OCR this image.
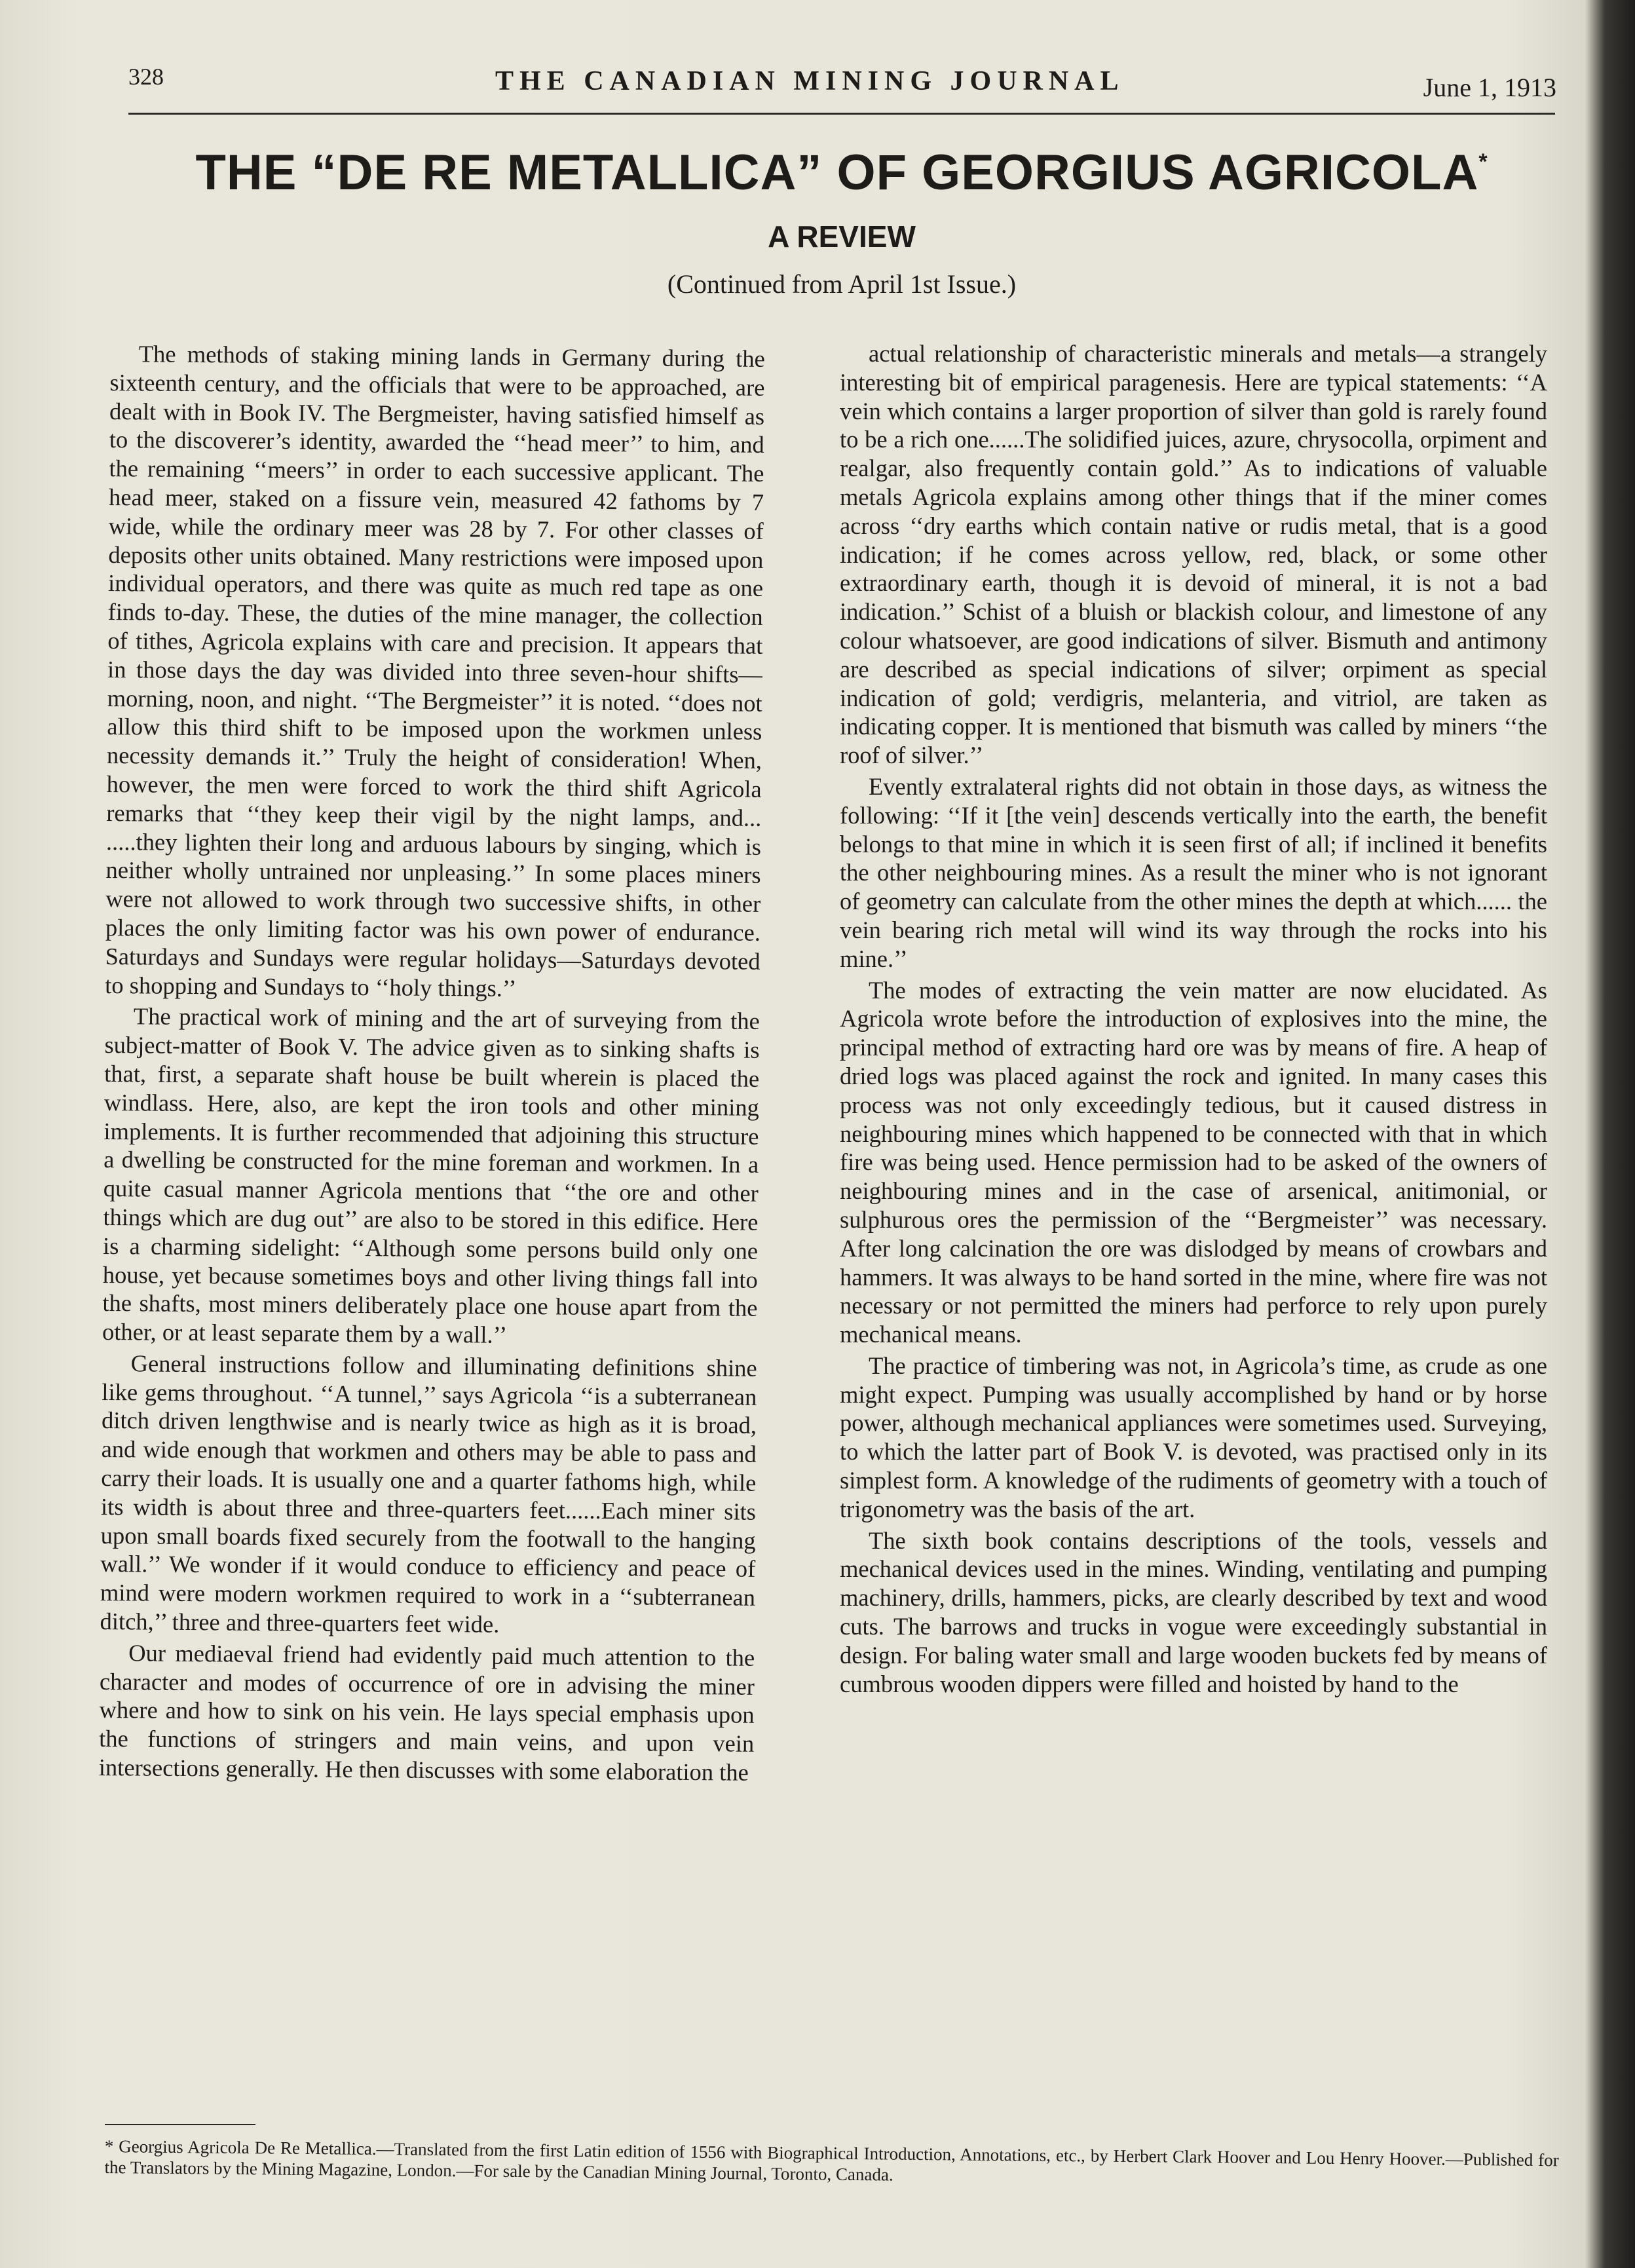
328	THE CANADIAN MINING JOURNAL	June 1, 1913
THE “DE RE METALLICA” OF GEORGIUS AGRICOLA*
A REVIEW
(Continued from April 1st Issue.)

The methods of staking mining lands in Germany during the sixteenth century, and the officials that were to be approached, are dealt with in Book IV. The Bergmeister, having satisfied himself as to the discoverer’s identity, awarded the ‘‘head meer’’ to him, and the remaining ‘‘meers’’ in order to each successive applicant. The head meer, staked on a fissure vein, measured 42 fathoms by 7 wide, while the ordinary meer was 28 by 7. For other classes of deposits other units obtained. Many restrictions were imposed upon individual operators, and there was quite as much red tape as one finds to-day. These, the duties of the mine manager, the collection of tithes, Agricola explains with care and precision. It appears that in those days the day was divided into three seven-hour shifts—morning, noon, and night. ‘‘The Bergmeister’’ it is noted. ‘‘does not allow this third shift to be imposed upon the workmen unless necessity demands it.’’ Truly the height of consideration! When, however, the men were forced to work the third shift Agricola remarks that ‘‘they keep their vigil by the night lamps, and... .....they lighten their long and arduous labours by singing, which is neither wholly untrained nor unpleasing.’’ In some places miners were not allowed to work through two successive shifts, in other places the only limiting factor was his own power of endurance. Saturdays and Sundays were regular holidays—Saturdays devoted to shopping and Sundays to ‘‘holy things.’’

The practical work of mining and the art of surveying from the subject-matter of Book V. The advice given as to sinking shafts is that, first, a separate shaft house be built wherein is placed the windlass. Here, also, are kept the iron tools and other mining implements. It is further recommended that adjoining this structure a dwelling be constructed for the mine foreman and workmen. In a quite casual manner Agricola mentions that ‘‘the ore and other things which are dug out’’ are also to be stored in this edifice. Here is a charming sidelight: ‘‘Although some persons build only one house, yet because sometimes boys and other living things fall into the shafts, most miners deliberately place one house apart from the other, or at least separate them by a wall.’’

General instructions follow and illuminating definitions shine like gems throughout. ‘‘A tunnel,’’ says Agricola ‘‘is a subterranean ditch driven lengthwise and is nearly twice as high as it is broad, and wide enough that workmen and others may be able to pass and carry their loads. It is usually one and a quarter fathoms high, while its width is about three and three-quarters feet......Each miner sits upon small boards fixed securely from the footwall to the hanging wall.’’ We wonder if it would conduce to efficiency and peace of mind were modern workmen required to work in a ‘‘subterranean ditch,’’ three and three-quarters feet wide.

Our mediaeval friend had evidently paid much attention to the character and modes of occurrence of ore in advising the miner where and how to sink on his vein. He lays special emphasis upon the functions of stringers and main veins, and upon vein intersections generally. He then discusses with some elaboration the

actual relationship of characteristic minerals and metals—a strangely interesting bit of empirical paragenesis. Here are typical statements: ‘‘A vein which contains a larger proportion of silver than gold is rarely found to be a rich one......The solidified juices, azure, chrysocolla, orpiment and realgar, also frequently contain gold.’’ As to indications of valuable metals Agricola explains among other things that if the miner comes across ‘‘dry earths which contain native or rudis metal, that is a good indication; if he comes across yellow, red, black, or some other extraordinary earth, though it is devoid of mineral, it is not a bad indication.’’ Schist of a bluish or blackish colour, and limestone of any colour whatsoever, are good indications of silver. Bismuth and antimony are described as special indications of silver; orpiment as special indication of gold; verdigris, melanteria, and vitriol, are taken as indicating copper. It is mentioned that bismuth was called by miners ‘‘the roof of silver.’’

Evently extralateral rights did not obtain in those days, as witness the following: ‘‘If it [the vein] descends vertically into the earth, the benefit belongs to that mine in which it is seen first of all; if inclined it benefits the other neighbouring mines. As a result the miner who is not ignorant of geometry can calculate from the other mines the depth at which...... the vein bearing rich metal will wind its way through the rocks into his mine.’’

The modes of extracting the vein matter are now elucidated. As Agricola wrote before the introduction of explosives into the mine, the principal method of extracting hard ore was by means of fire. A heap of dried logs was placed against the rock and ignited. In many cases this process was not only exceedingly tedious, but it caused distress in neighbouring mines which happened to be connected with that in which fire was being used. Hence permission had to be asked of the owners of neighbouring mines and in the case of arsenical, anitimonial, or sulphurous ores the permission of the ‘‘Bergmeister’’ was necessary. After long calcination the ore was dislodged by means of crowbars and hammers. It was always to be hand sorted in the mine, where fire was not necessary or not permitted the miners had perforce to rely upon purely mechanical means.

The practice of timbering was not, in Agricola’s time, as crude as one might expect. Pumping was usually accomplished by hand or by horse power, although mechanical appliances were sometimes used. Surveying, to which the latter part of Book V. is devoted, was practised only in its simplest form. A knowledge of the rudiments of geometry with a touch of trigonometry was the basis of the art.

The sixth book contains descriptions of the tools, vessels and mechanical devices used in the mines. Winding, ventilating and pumping machinery, drills, hammers, picks, are clearly described by text and wood cuts. The barrows and trucks in vogue were exceedingly substantial in design. For baling water small and large wooden buckets fed by means of cumbrous wooden dippers were filled and hoisted by hand to the

* Georgius Agricola De Re Metallica.—Translated from the first Latin edition of 1556 with Biographical Introduction, Annotations, etc., by Herbert Clark Hoover and Lou Henry Hoover.—Published for the Translators by the Mining Magazine, London.—For sale by the Canadian Mining Journal, Toronto, Canada.
